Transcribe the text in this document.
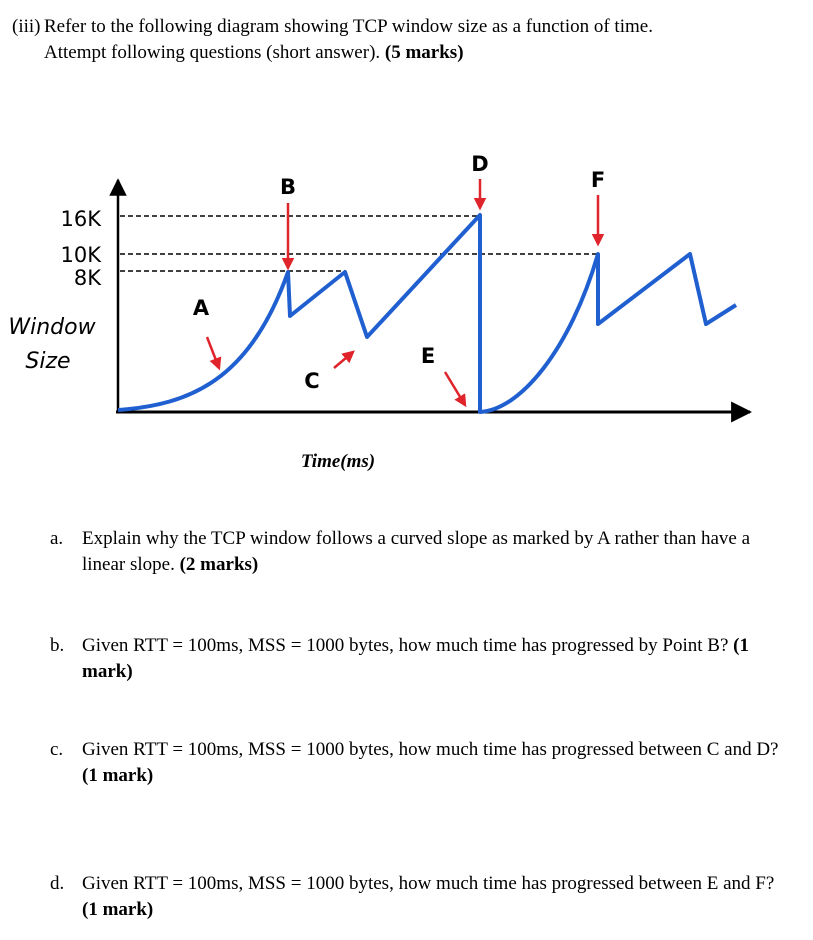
(iii) Refer to the following diagram showing TCP window size as a function of time.
Attempt following questions (short answer). (5 marks)
16K
10K
8K
Window
Size
Time(ms)
A
B
C
D
E
F
a. Explain why the TCP window follows a curved slope as marked by A rather than have a linear slope. (2 marks)
b. Given RTT = 100ms, MSS = 1000 bytes, how much time has progressed by Point B? (1 mark)
c. Given RTT = 100ms, MSS = 1000 bytes, how much time has progressed between C and D? (1 mark)
d. Given RTT = 100ms, MSS = 1000 bytes, how much time has progressed between E and F? (1 mark)
